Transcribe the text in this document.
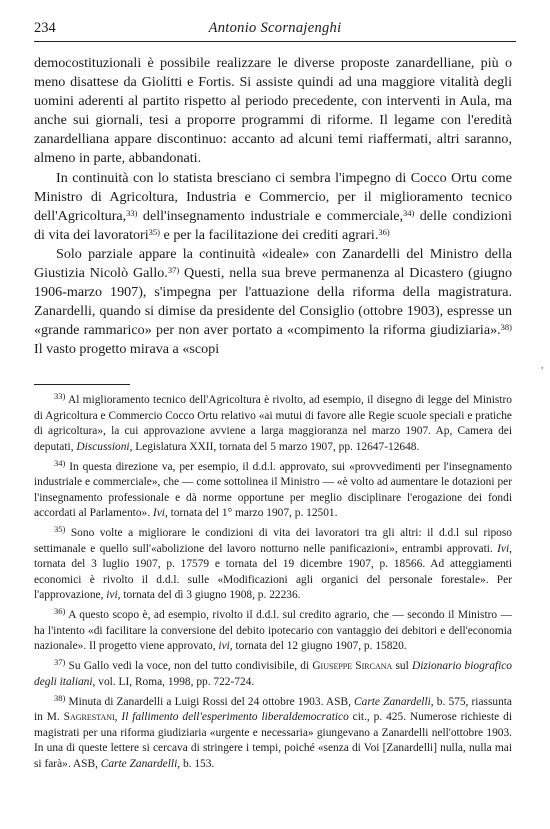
234	Antonio Scornajenghi

democostituzionali è possibile realizzare le diverse proposte zanardelliane, più o meno disattese da Giolitti e Fortis. Si assiste quindi ad una maggiore vitalità degli uomini aderenti al partito rispetto al periodo precedente, con interventi in Aula, ma anche sui giornali, tesi a proporre programmi di riforme. Il legame con l'eredità zanardelliana appare discontinuo: accanto ad alcuni temi riaffermati, altri saranno, almeno in parte, abbandonati.

In continuità con lo statista bresciano ci sembra l'impegno di Cocco Ortu come Ministro di Agricoltura, Industria e Commercio, per il miglioramento tecnico dell'Agricoltura,$^{33)}$ dell'insegnamento industriale e commerciale,$^{34)}$ delle condizioni di vita dei lavoratori$^{35)}$ e per la facilitazione dei crediti agrari.$^{36)}$

Solo parziale appare la continuità «ideale» con Zanardelli del Ministro della Giustizia Nicolò Gallo.$^{37)}$ Questi, nella sua breve permanenza al Dicastero (giugno 1906-marzo 1907), s'impegna per l'attuazione della riforma della magistratura. Zanardelli, quando si dimise da presidente del Consiglio (ottobre 1903), espresse un «grande rammarico» per non aver portato a «compimento la riforma giudiziaria».$^{38)}$ Il vasto progetto mirava a «scopi

,

$^{33)}$ Al miglioramento tecnico dell'Agricoltura è rivolto, ad esempio, il disegno di legge del Ministro di Agricoltura e Commercio Cocco Ortu relativo «ai mutui di favore alle Regie scuole speciali e pratiche di agricoltura», la cui approvazione avviene a larga maggioranza nel marzo 1907. Ap, Camera dei deputati, Discussioni, Legislatura XXII, tornata del 5 marzo 1907, pp. 12647-12648.

$^{34)}$ In questa direzione va, per esempio, il d.d.l. approvato, sui «provvedimenti per l'insegnamento industriale e commerciale», che — come sottolinea il Ministro — «è volto ad aumentare le dotazioni per l'insegnamento professionale e dà norme opportune per meglio disciplinare l'erogazione dei fondi accordati al Parlamento». Ivi, tornata del 1° marzo 1907, p. 12501.

$^{35)}$ Sono volte a migliorare le condizioni di vita dei lavoratori tra gli altri: il d.d.l sul riposo settimanale e quello sull'«abolizione del lavoro notturno nelle panificazioni», entrambi approvati. Ivi, tornata del 3 luglio 1907, p. 17579 e tornata del 19 dicembre 1907, p. 18566. Ad atteggiamenti economici è rivolto il d.d.l. sulle «Modificazioni agli organici del personale forestale». Per l'approvazione, ivi, tornata del dì 3 giugno 1908, p. 22236.

$^{36)}$ A questo scopo è, ad esempio, rivolto il d.d.l. sul credito agrario, che — secondo il Ministro — ha l'intento «di facilitare la conversione del debito ipotecario con vantaggio dei debitori e dell'economia nazionale». Il progetto viene approvato, ivi, tornata del 12 giugno 1907, p. 15820.

$^{37)}$ Su Gallo vedi la voce, non del tutto condivisibile, di Giuseppe Sircana sul Dizionario biografico degli italiani, vol. LI, Roma, 1998, pp. 722-724.

$^{38)}$ Minuta di Zanardelli a Luigi Rossi del 24 ottobre 1903. ASB, Carte Zanardelli, b. 575, riassunta in M. Sagrestani, Il fallimento dell'esperimento liberaldemocratico cit., p. 425. Numerose richieste di magistrati per una riforma giudiziaria «urgente e necessaria» giungevano a Zanardelli nell'ottobre 1903. In una di queste lettere si cercava di stringere i tempi, poiché «senza di Voi [Zanardelli] nulla, nulla mai si farà». ASB, Carte Zanardelli, b. 153.
